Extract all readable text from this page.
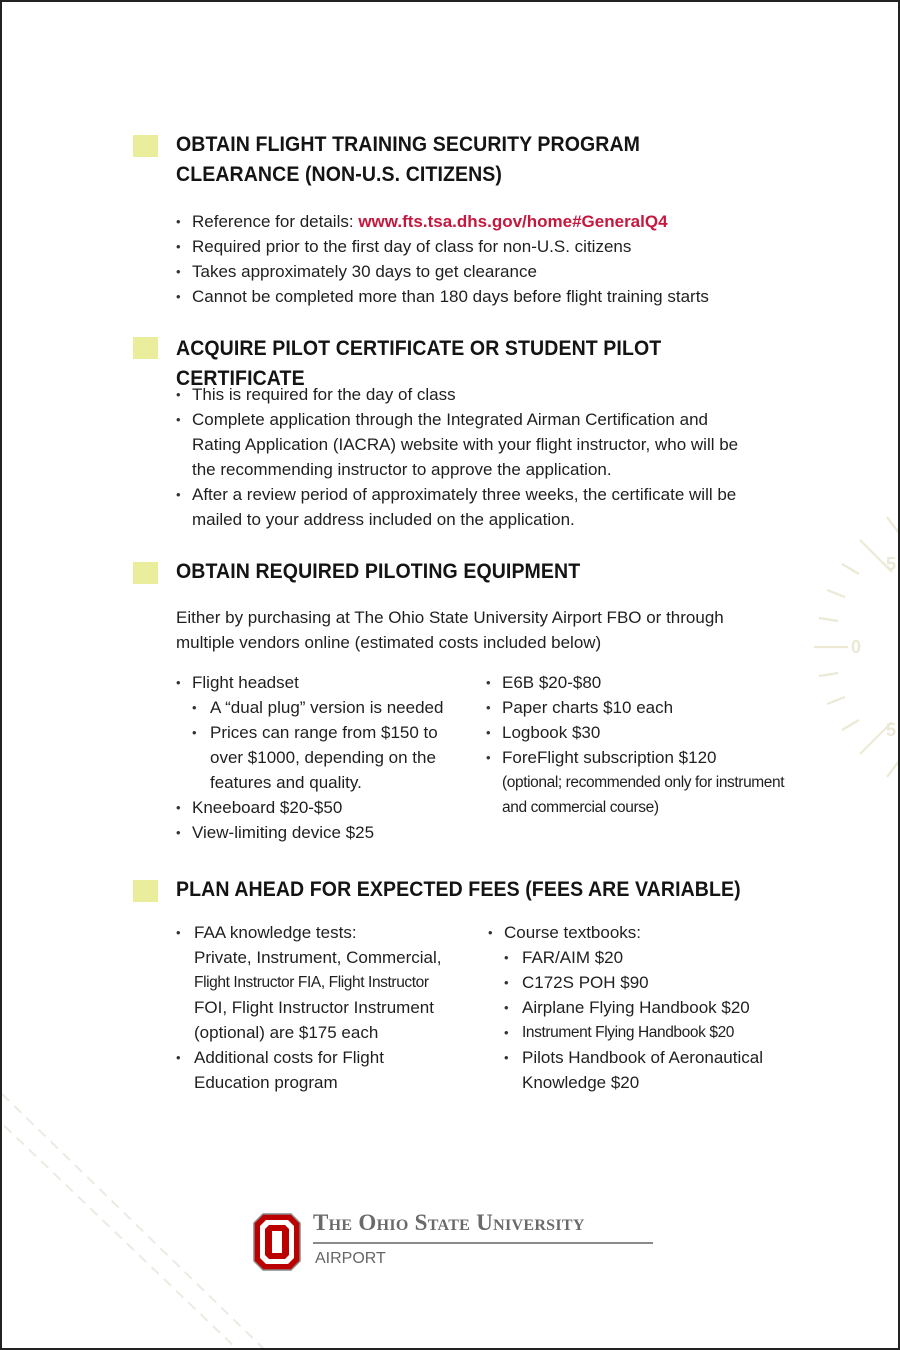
5
0
5
OBTAIN FLIGHT TRAINING SECURITY PROGRAM
CLEARANCE (NON-U.S. CITIZENS)
• Reference for details: www.fts.tsa.dhs.gov/home#GeneralQ4
• Required prior to the first day of class for non-U.S. citizens
• Takes approximately 30 days to get clearance
• Cannot be completed more than 180 days before flight training starts
ACQUIRE PILOT CERTIFICATE OR STUDENT PILOT CERTIFICATE
• This is required for the day of class
• Complete application through the Integrated Airman Certification and Rating Application (IACRA) website with your flight instructor, who will be the recommending instructor to approve the application.
• After a review period of approximately three weeks, the certificate will be mailed to your address included on the application.
OBTAIN REQUIRED PILOTING EQUIPMENT
Either by purchasing at The Ohio State University Airport FBO or through multiple vendors online (estimated costs included below)
• Flight headset
• A “dual plug” version is needed
• Prices can range from $150 to over $1000, depending on the features and quality.
• Kneeboard $20-$50
• View-limiting device $25
• E6B $20-$80
• Paper charts $10 each
• Logbook $30
• ForeFlight subscription $120

(optional; recommended only for instrument and commercial course)
PLAN AHEAD FOR EXPECTED FEES (FEES ARE VARIABLE)
• FAA knowledge tests:
Private, Instrument, Commercial,
Flight Instructor FIA, Flight Instructor
FOI, Flight Instructor Instrument
(optional) are $175 each
• Additional costs for Flight
Education program
• Course textbooks:
• FAR/AIM $20
• C172S POH $90
• Airplane Flying Handbook $20
• Instrument Flying Handbook $20
• Pilots Handbook of Aeronautical Knowledge $20
The Ohio State University
AIRPORT
